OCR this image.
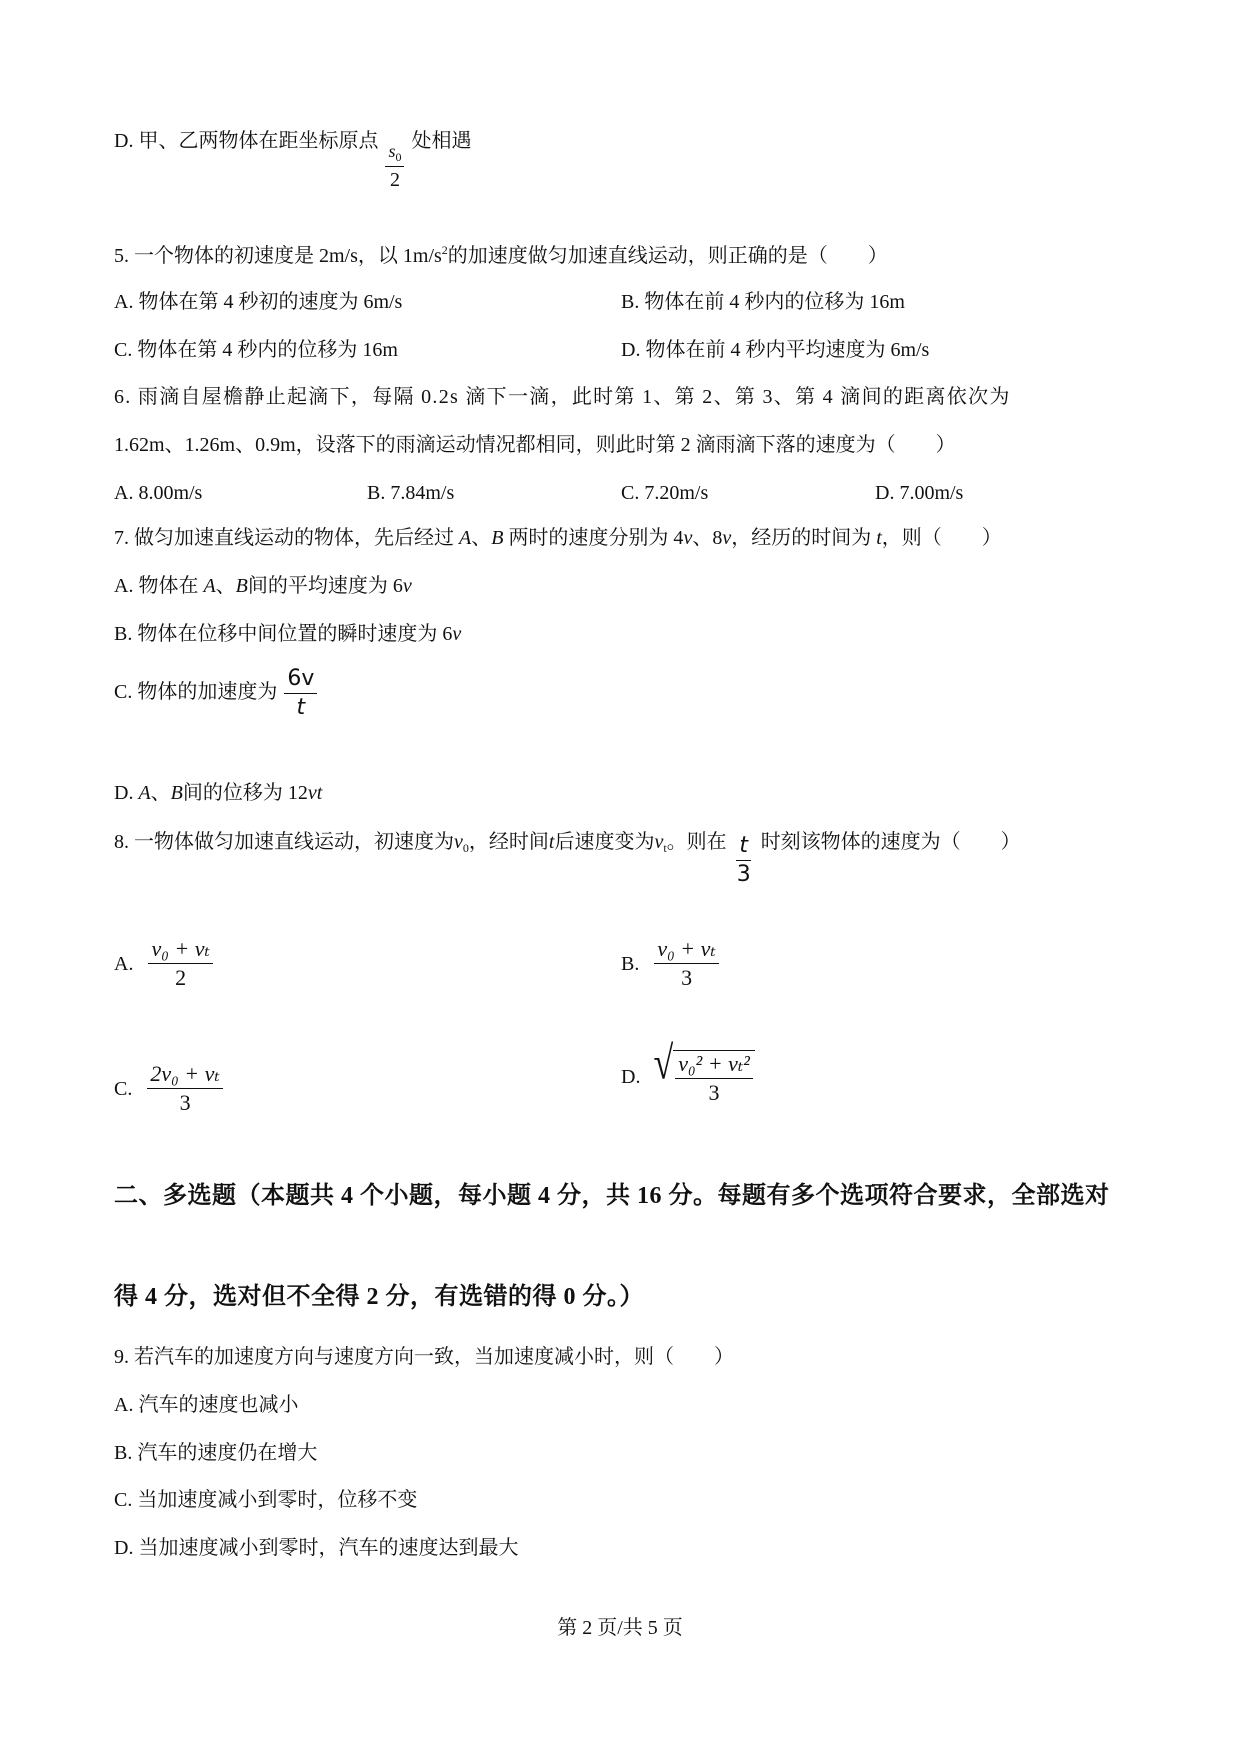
D. 甲、乙两物体在距坐标原点
$\frac{s_0}{2}$
处相遇
5. 一个物体的初速度是 2m/s，以 $1m/s^2$的加速度做匀加速直线运动，则正确的是（　　）
A. 物体在第 4 秒初的速度为 6m/s	B. 物体在前 4 秒内的位移为 16m
C. 物体在第 4 秒内的位移为 16m	D. 物体在前 4 秒内平均速度为 6m/s
6. 雨滴自屋檐静止起滴下，每隔 0.2s 滴下一滴，此时第 1、第 2、第 3、第 4 滴间的距离依次为
1.62m、1.26m、0.9m，设落下的雨滴运动情况都相同，则此时第 2 滴雨滴下落的速度为（　　）
A. 8.00m/s	B. 7.84m/s	C. 7.20m/s	D. 7.00m/s
7. 做匀加速直线运动的物体，先后经过 A、B 两时的速度分别为 4v、8v，经历的时间为 t，则（　　）
A. 物体在 A、B间的平均速度为 6v
B. 物体在位移中间位置的瞬时速度为 6v
C. 物体的加速度为 $\frac{6v}{t}$
D. A、B间的位移为 12vt
8. 一物体做匀加速直线运动，初速度为$v_0$，经时间t后速度变为$v_t$。则在 $\frac{t}{3}$ 时刻该物体的速度为（　　）
A. $\frac{\text{v₀ + vₜ}}{2}$	B. $\frac{\text{v₀ + vₜ}}{3}$
C. $\frac{\text{2v₀ + vₜ}}{3}$	D. √ $\frac{\text{v₀² + vₜ²}}{3}$
二、多选题（本题共 4 个小题，每小题 4 分，共 16 分。每题有多个选项符合要求，全部选对
得 4 分，选对但不全得 2 分，有选错的得 0 分。）
9. 若汽车的加速度方向与速度方向一致，当加速度减小时，则（　　）
A. 汽车的速度也减小
B. 汽车的速度仍在增大
C. 当加速度减小到零时，位移不变
D. 当加速度减小到零时，汽车的速度达到最大
第 2 页/共 5 页
